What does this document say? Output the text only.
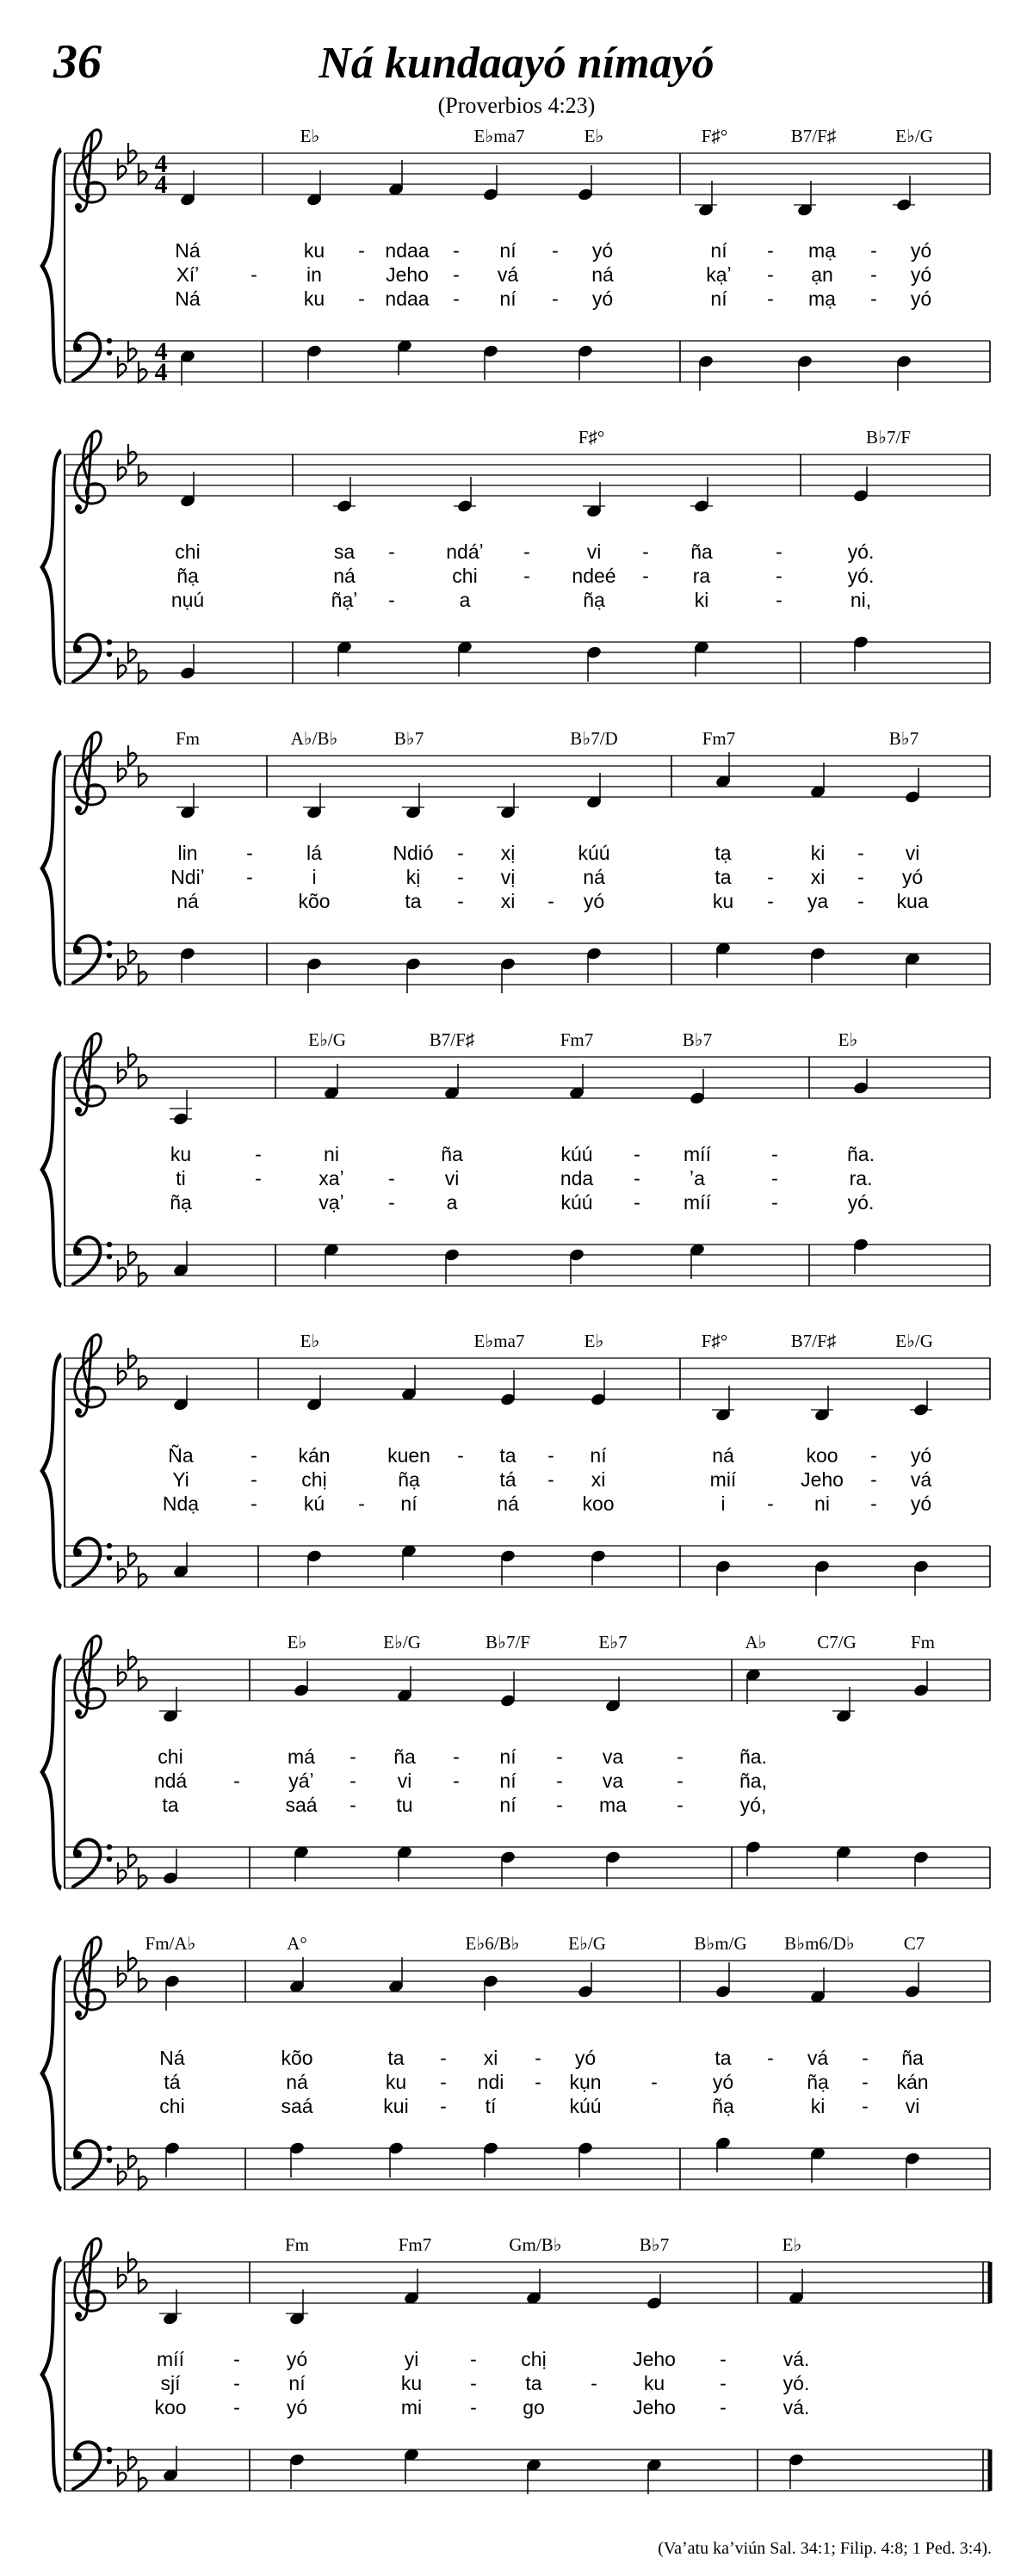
36	Ná kundaayó nímayó
(Proverbios 4:23)
E♭	E♭ma7	E♭	F♯°	B7/F♯	E♭/G
F♯°	B♭7/F
Fm	A♭/B♭	B♭7	B♭7/D	Fm7	B♭7
E♭/G	B7/F♯	Fm7	B♭7	E♭
E♭	E♭ma7	E♭	F♯°	B7/F♯	E♭/G
E♭	E♭/G	B♭7/F	E♭7	A♭	C7/G	Fm
Fm/A♭	A°	E♭6/B♭	E♭/G	B♭m/G B♭m6/D♭	C7
Fm	Fm7	Gm/B♭	B♭7	E♭
Ná	ku - ndaa - ní - yó	ní - mạ - yó
Xíʼ	- in	Jeho - vá	ná	kạʼ - ạn - yó
Ná	ku - ndaa - ní - yó	ní - mạ - yó
chi	sa -	ndáʼ -	vi - ña	-	yó.
ñạ	ná	chi - ndeé - ra	-	yó.
nụú	ñạʼ -	a	ñạ	ki	-	ni,
lin -	lá	Ndió - xị	kúú	tạ	ki - vi
Ndiʼ -	i	kị - vị	ná	ta - xi - yó
ná	kõo	ta - xi - yó	ku - ya - kua
ku	-	ni	ña	kúú - míí	-	ña.
ti	-	xaʼ -	vi	nda - ʼa	-	ra.
ñạ	vạʼ -	a	kúú - míí	-	yó.
Ña	- kán	kuen - ta - ní	ná	koo - yó
Yi	- chị	ñạ	tá - xi	mií	Jeho - vá
Ndạ	- kú - ní	ná	koo	i - ni - yó
chi	má - ña - ní - va	-	ña.
ndá - yáʼ - vi - ní - va	-	ña,
ta	saá - tu	ní - ma	-	yó,
Ná	kõo	ta - xi - yó	ta - vá - ña
tá	ná	ku - ndi - kụn	-	yó	ñạ - kán
chi	saá	kui - tí	kúú	ñạ	ki - vi
míí - yó	yi	- chị	Jeho -	vá.
sjí	- ní	ku - ta - ku	-	yó.
koo - yó	mi - go	Jeho -	vá.
4
4
4
4
(Vaʼatu kaʼviún Sal. 34:1; Filip. 4:8; 1 Ped. 3:4).
